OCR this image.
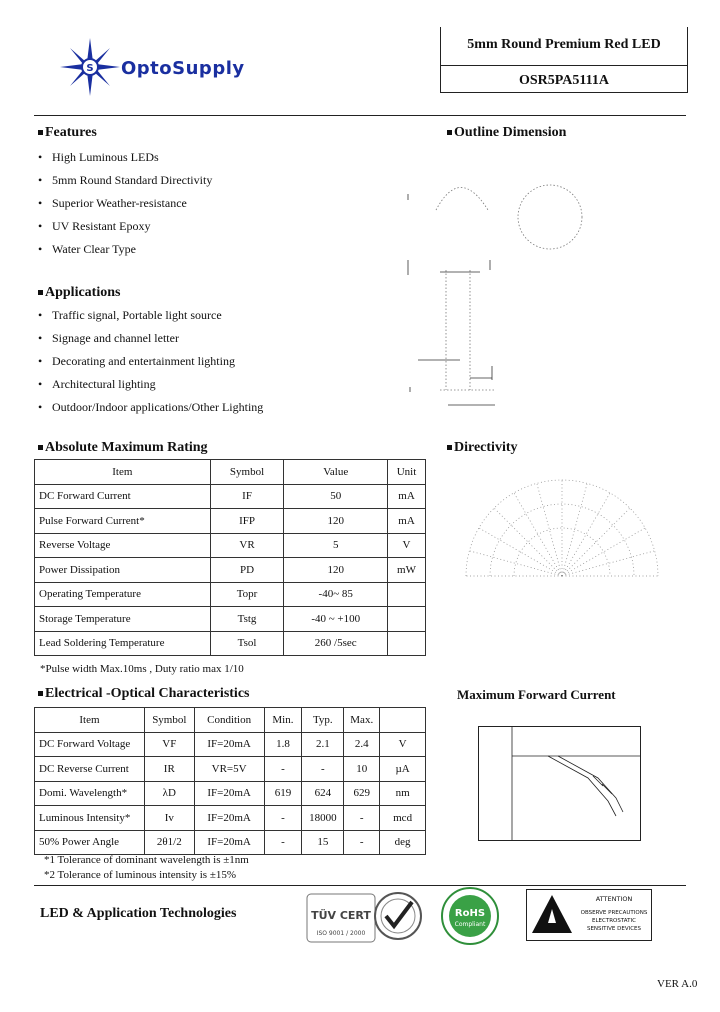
S OptoSupply
5mm Round Premium Red LED
OSR5PA5111A
Features
• High Luminous LEDs
• 5mm Round Standard Directivity
• Superior Weather-resistance
• UV Resistant Epoxy
• Water Clear Type
Applications
• Traffic signal, Portable light source
• Signage and channel letter
• Decorating and entertainment lighting
• Architectural lighting
• Outdoor/Indoor applications/Other Lighting
Outline Dimension
Absolute Maximum Rating
Item	Symbol	Value	Unit
DC Forward Current	IF	50	mA
Pulse Forward Current*	IFP	120	mA
Reverse Voltage	VR	5	V
Power Dissipation	PD	120	mW
Operating Temperature	Topr	-40~ 85	
Storage Temperature	Tstg	-40 ~ +100	
Lead Soldering Temperature	Tsol	260 /5sec	
*Pulse width Max.10ms , Duty ratio max 1/10
Directivity
Electrical -Optical Characteristics
Item	Symbol	Condition	Min.	Typ.	Max.	
DC Forward Voltage	VF	IF=20mA	1.8	2.1	2.4	V
DC Reverse Current	IR	VR=5V	-	-	10	µA
Domi. Wavelength*	λD	IF=20mA	619	624	629	nm
Luminous Intensity*	Iv	IF=20mA	-	18000	-	mcd
50% Power Angle	2θ1/2	IF=20mA	-	15	-	deg
*1 Tolerance of dominant wavelength is ±1nm
*2 Tolerance of luminous intensity is ±15%
Maximum Forward Current
LED & Application Technologies	TÜV CERT
ISO 9001 / 2000
RoHS
Compliant
ATTENTION
OBSERVE PRECAUTIONS
ELECTROSTATIC
SENSITIVE DEVICES
VER A.0
